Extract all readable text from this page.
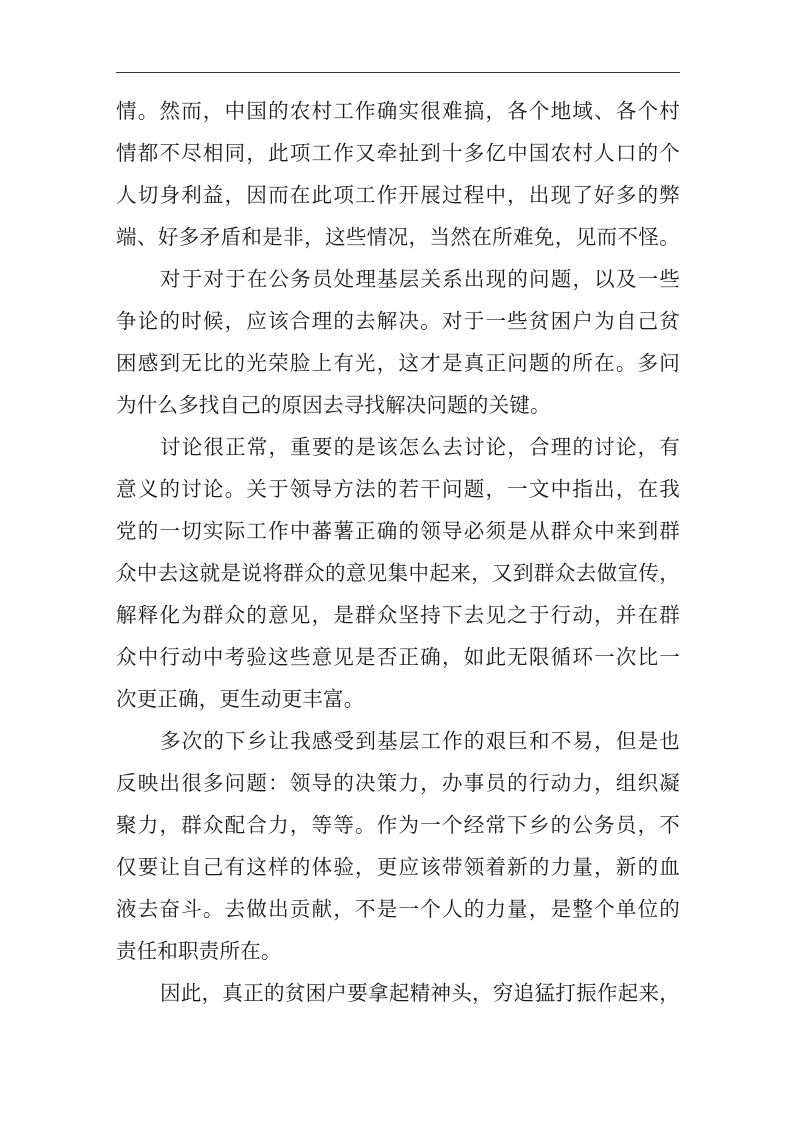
情。然而，中国的农村工作确实很难搞，各个地域、各个村
情都不尽相同，此项工作又牵扯到十多亿中国农村人口的个
人切身利益，因而在此项工作开展过程中，出现了好多的弊
端、好多矛盾和是非，这些情况，当然在所难免，见而不怪。
对于对于在公务员处理基层关系出现的问题，以及一些
争论的时候，应该合理的去解决。对于一些贫困户为自己贫
困感到无比的光荣脸上有光，这才是真正问题的所在。多问
为什么多找自己的原因去寻找解决问题的关键。
讨论很正常，重要的是该怎么去讨论，合理的讨论，有
意义的讨论。关于领导方法的若干问题，一文中指出，在我
党的一切实际工作中蕃薯正确的领导必须是从群众中来到群
众中去这就是说将群众的意见集中起来，又到群众去做宣传，
解释化为群众的意见，是群众坚持下去见之于行动，并在群
众中行动中考验这些意见是否正确，如此无限循环一次比一
次更正确，更生动更丰富。
多次的下乡让我感受到基层工作的艰巨和不易，但是也
反映出很多问题：领导的决策力，办事员的行动力，组织凝
聚力，群众配合力，等等。作为一个经常下乡的公务员，不
仅要让自己有这样的体验，更应该带领着新的力量，新的血
液去奋斗。去做出贡献，不是一个人的力量，是整个单位的
责任和职责所在。
因此，真正的贫困户要拿起精神头，穷追猛打振作起来，
